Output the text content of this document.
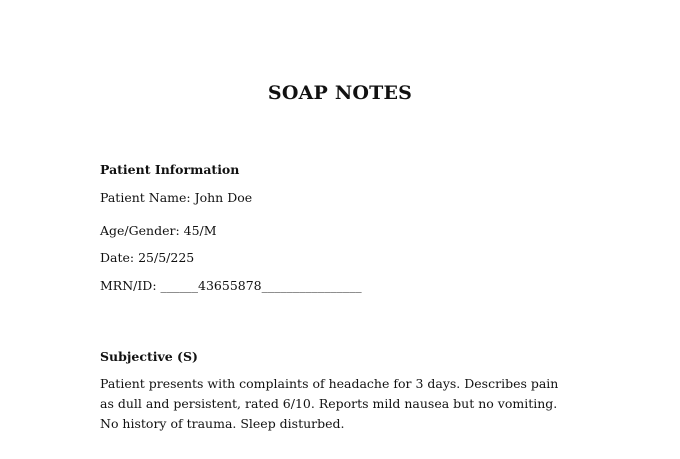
SOAP NOTES
Patient Information
Patient Name: John Doe
Age/Gender: 45/M
Date: 25/5/225
MRN/ID: ______43655878________________
Subjective (S)
Patient presents with complaints of headache for 3 days. Describes pain as dull and persistent, rated 6/10. Reports mild nausea but no vomiting. No history of trauma. Sleep disturbed.
